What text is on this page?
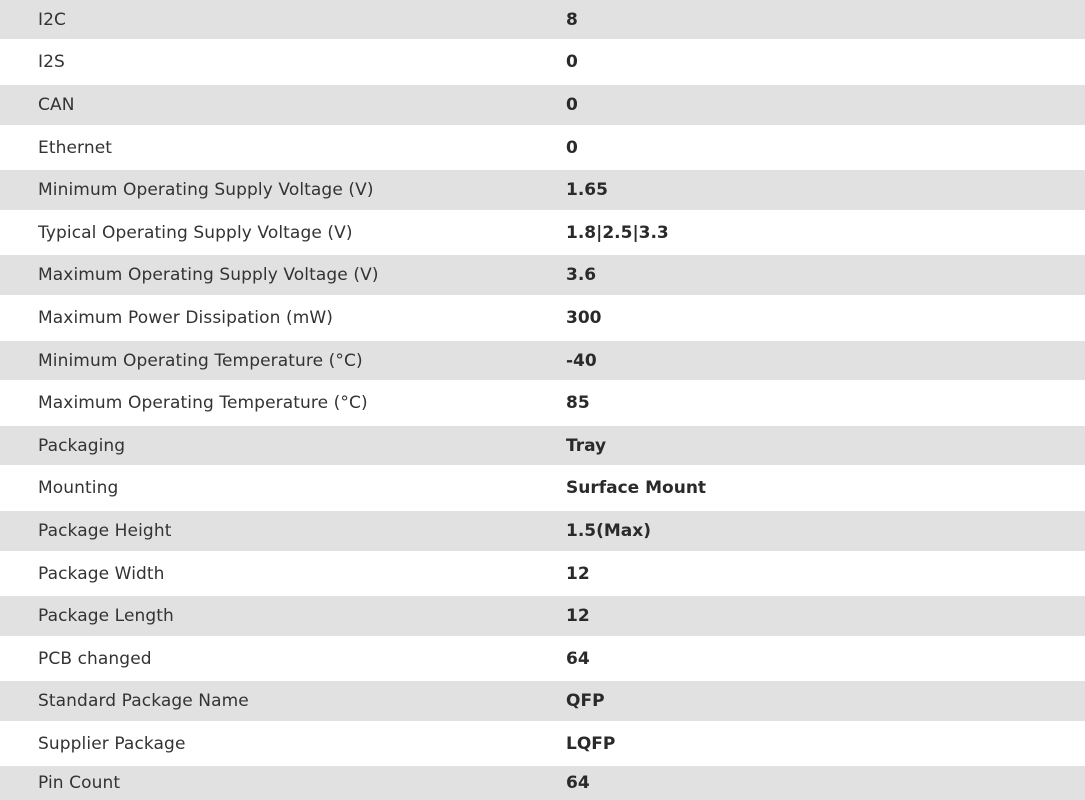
I2C	8
I2S	0
CAN	0
Ethernet	0
Minimum Operating Supply Voltage (V)	1.65
Typical Operating Supply Voltage (V)	1.8|2.5|3.3
Maximum Operating Supply Voltage (V)	3.6
Maximum Power Dissipation (mW)	300
Minimum Operating Temperature (°C)	-40
Maximum Operating Temperature (°C)	85
Packaging	Tray
Mounting	Surface Mount
Package Height	1.5(Max)
Package Width	12
Package Length	12
PCB changed	64
Standard Package Name	QFP
Supplier Package	LQFP
Pin Count	64
